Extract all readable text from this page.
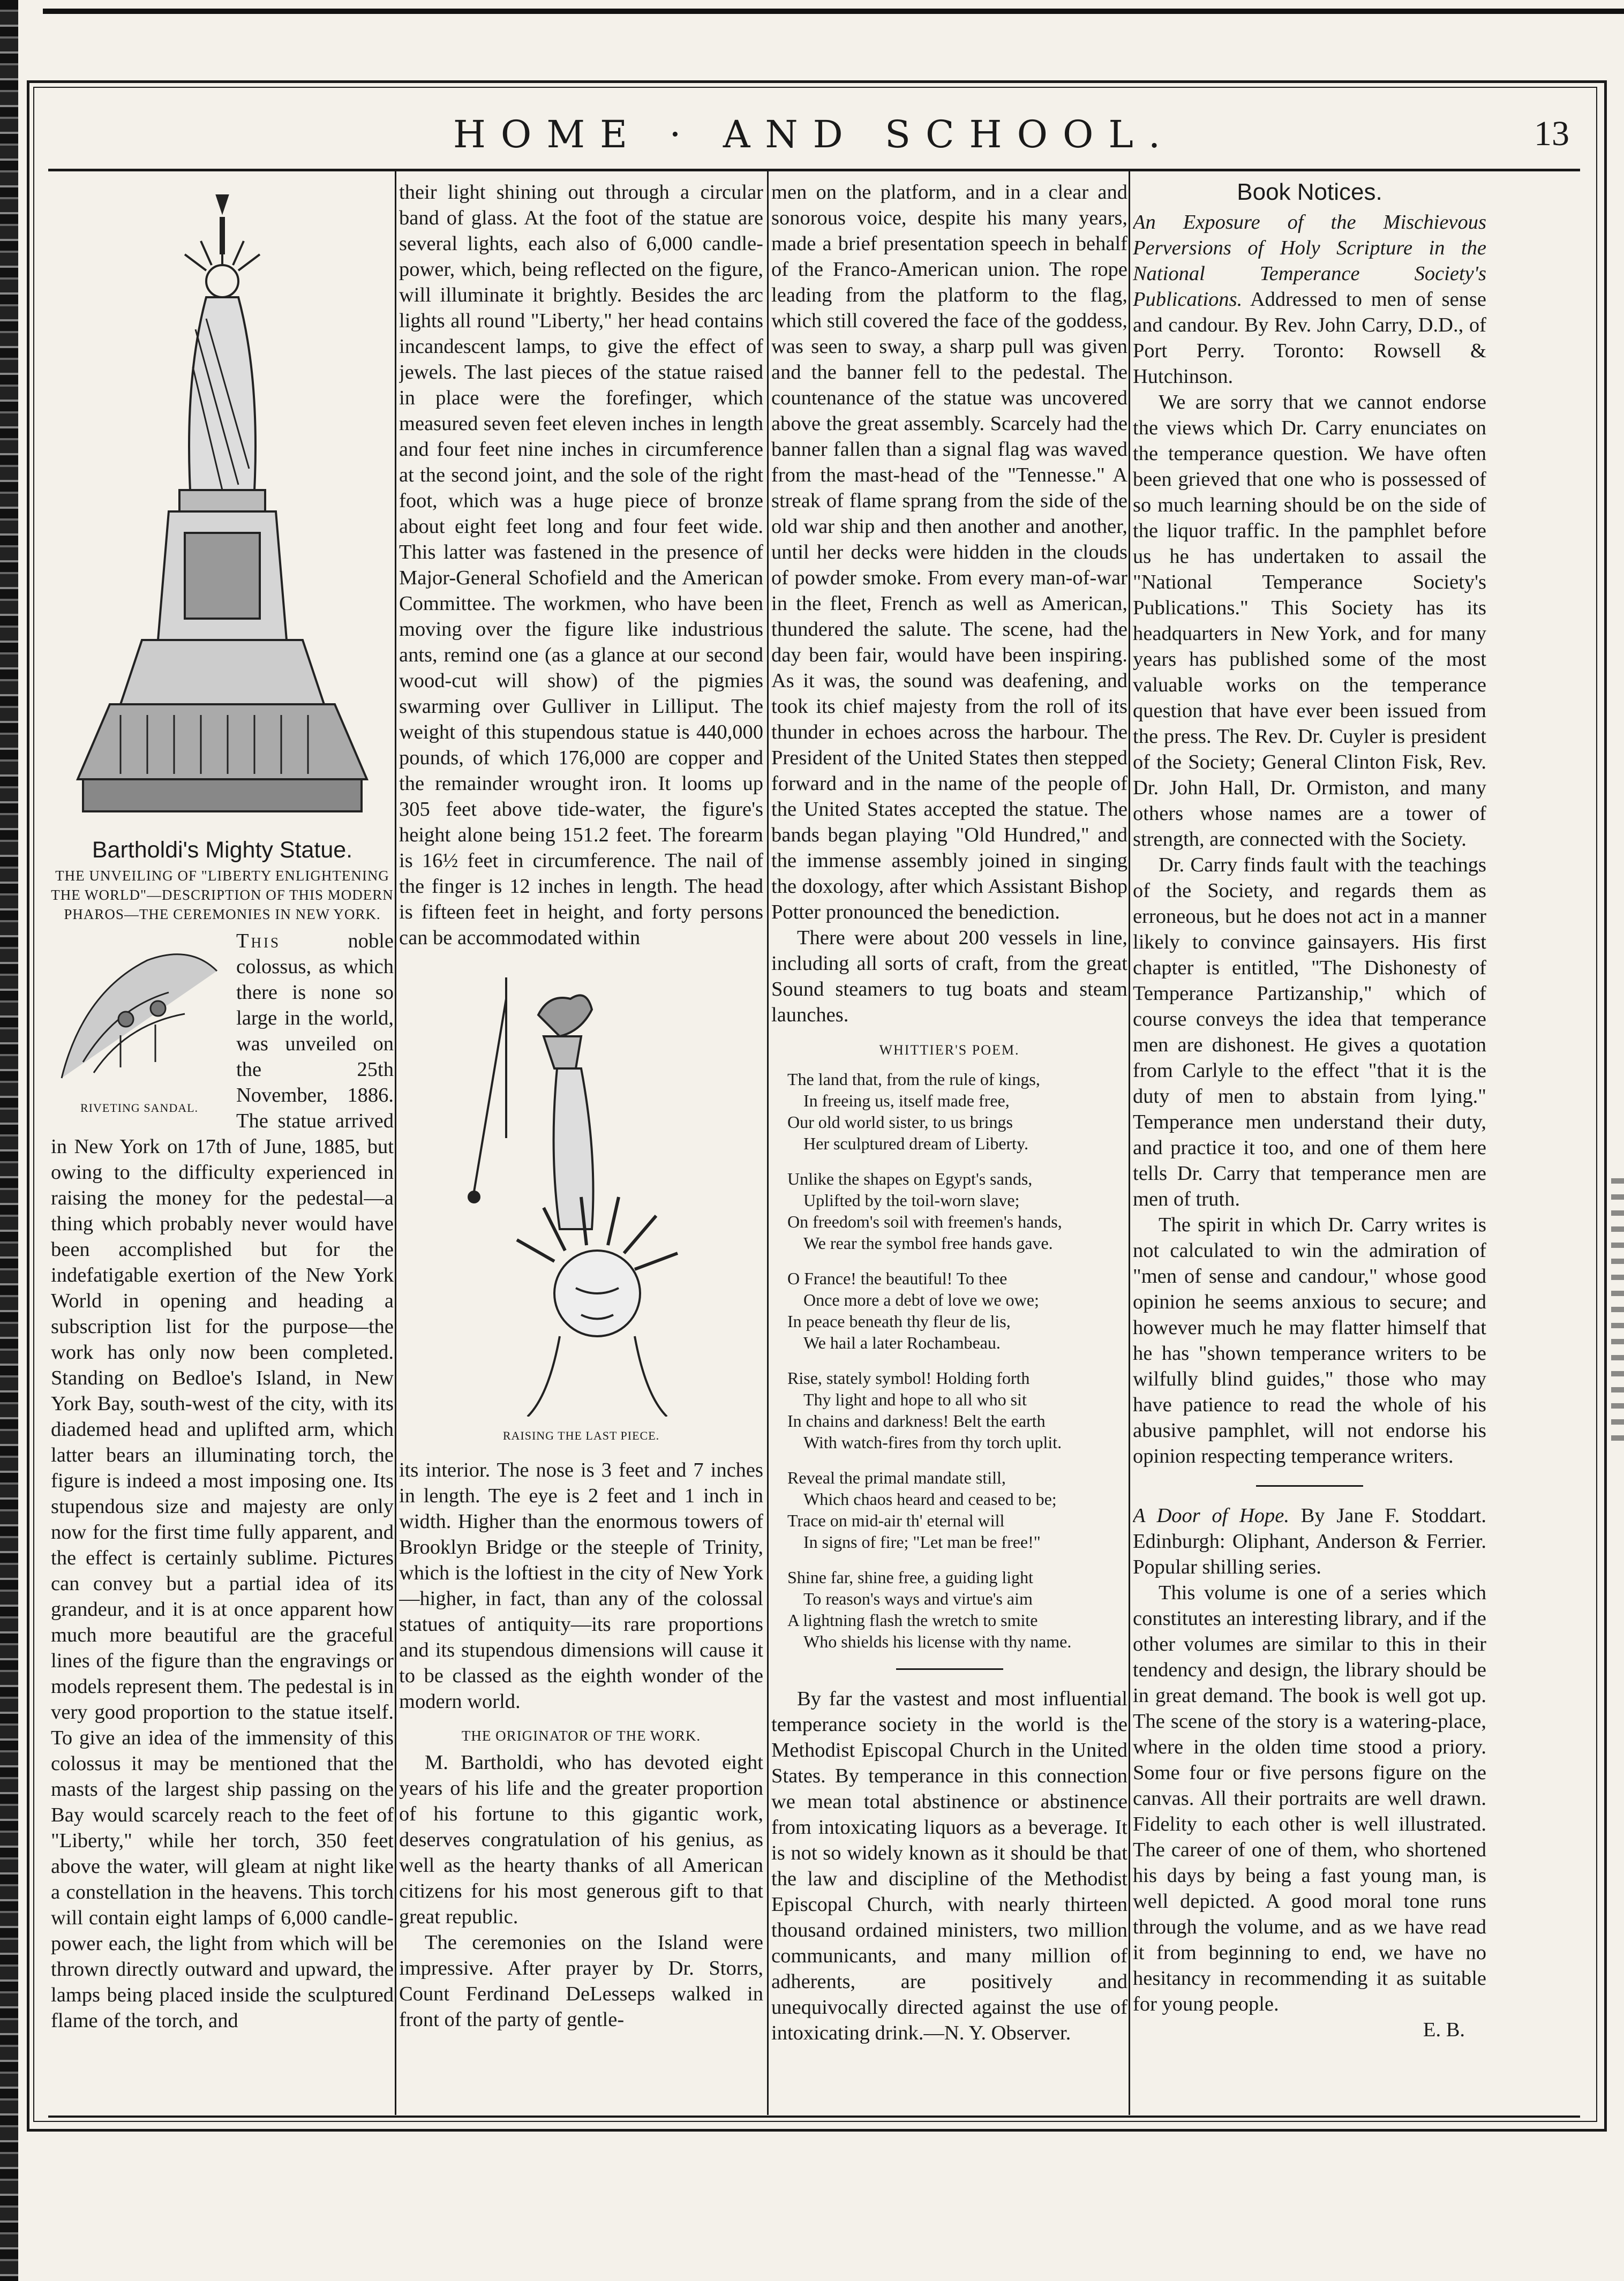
HOME · AND SCHOOL.	13
Bartholdi's Mighty Statue.
THE UNVEILING OF "LIBERTY ENLIGHTENING THE WORLD"—DESCRIPTION OF THIS MODERN PHAROS—THE CEREMONIES IN NEW YORK.
RIVETING SANDAL.

This	noble colossus, as which there is none so large in the world, was unveiled on the 25th November, 1886. The statue arrived in New York on 17th of June, 1885, but owing to the difficulty experienced in raising the money for the pedestal—a thing which probably never would have been accomplished but for the indefatigable exertion of the New York World in opening and heading a subscription list for the purpose—the work has only now been completed. Standing on Bedloe's Island, in New York Bay, south-west of the city, with its diademed head and uplifted arm, which latter bears an illuminating torch, the figure is indeed a most imposing one. Its stupendous size and majesty are only now for the first time fully apparent, and the effect is certainly sublime. Pictures can convey but a partial idea of its grandeur, and it is at once apparent how much more beautiful are the graceful lines of the figure than the engravings or models represent them. The pedestal is in very good proportion to the statue itself. To give an idea of the immensity of this colossus it may be mentioned that the masts of the largest ship passing on the Bay would scarcely reach to the feet of "Liberty," while her torch, 350 feet above the water, will gleam at night like a constellation in the heavens. This torch will contain eight lamps of 6,000 candle-power each, the light from which will be thrown directly outward and upward, the lamps being placed inside the sculptured flame of the torch, and

their light shining out through a circular band of glass. At the foot of the statue are several lights, each also of 6,000 candle-power, which, being reflected on the figure, will illuminate it brightly. Besides the arc lights all round "Liberty," her head contains incandescent lamps, to give the effect of jewels. The last pieces of the statue raised in place were the forefinger, which measured seven feet eleven inches in length and four feet nine inches in circumference at the second joint, and the sole of the right foot, which was a huge piece of bronze about eight feet long and four feet wide. This latter was fastened in the presence of Major-General Schofield and the American Committee. The workmen, who have been moving over the figure like industrious ants, remind one (as a glance at our second wood-cut will show) of the pigmies swarming over Gulliver in Lilliput. The weight of this stupendous statue is 440,000 pounds, of which 176,000 are copper and the remainder wrought iron. It looms up 305 feet above tide-water, the figure's height alone being 151.2 feet. The forearm is 16½ feet in circumference. The nail of the finger is 12 inches in length. The head is fifteen feet in height, and forty persons can be accommodated within

RAISING THE LAST PIECE.

its interior. The nose is 3 feet and 7 inches in length. The eye is 2 feet and 1 inch in width. Higher than the enormous towers of Brooklyn Bridge or the steeple of Trinity, which is the loftiest in the city of New York—higher, in fact, than any of the colossal statues of antiquity—its rare proportions and its stupendous dimensions will cause it to be classed as the eighth wonder of the modern world.

THE ORIGINATOR OF THE WORK.

M. Bartholdi, who has devoted eight years of his life and the greater proportion of his fortune to this gigantic work, deserves congratulation of his genius, as well as the hearty thanks of all American citizens for his most generous gift to that great republic.

The ceremonies on the Island were impressive. After prayer by Dr. Storrs, Count Ferdinand DeLesseps walked in front of the party of gentle-

men on the platform, and in a clear and sonorous voice, despite his many years, made a brief presentation speech in behalf of the Franco-American union. The rope leading from the platform to the flag, which still covered the face of the goddess, was seen to sway, a sharp pull was given and the banner fell to the pedestal. The countenance of the statue was uncovered above the great assembly. Scarcely had the banner fallen than a signal flag was waved from the mast-head of the "Tennesse." A streak of flame sprang from the side of the old war ship and then another and another, until her decks were hidden in the clouds of powder smoke. From every man-of-war in the fleet, French as well as American, thundered the salute. The scene, had the day been fair, would have been inspiring. As it was, the sound was deafening, and took its chief majesty from the roll of its thunder in echoes across the harbour. The President of the United States then stepped forward and in the name of the people of the United States accepted the statue. The bands began playing "Old Hundred," and the immense assembly joined in singing the doxology, after which Assistant Bishop Potter pronounced the benediction.

There were about 200 vessels in line, including all sorts of craft, from the great Sound steamers to tug boats and steam launches.

WHITTIER'S POEM.
The land that, from the rule of kings,
In freeing us, itself made free,
Our old world sister, to us brings
Her sculptured dream of Liberty.
Unlike the shapes on Egypt's sands,
Uplifted by the toil-worn slave;
On freedom's soil with freemen's hands,
We rear the symbol free hands gave.
O France! the beautiful! To thee
Once more a debt of love we owe;
In peace beneath thy fleur de lis,
We hail a later Rochambeau.
Rise, stately symbol! Holding forth
Thy light and hope to all who sit
In chains and darkness! Belt the earth
With watch-fires from thy torch uplit.
Reveal the primal mandate still,
Which chaos heard and ceased to be;
Trace on mid-air th' eternal will
In signs of fire; "Let man be free!"
Shine far, shine free, a guiding light
To reason's ways and virtue's aim
A lightning flash the wretch to smite
Who shields his license with thy name.

By far the vastest and most influential temperance society in the world is the Methodist Episcopal Church in the United States. By temperance in this connection we mean total abstinence or abstinence from intoxicating liquors as a beverage. It is not so widely known as it should be that the law and discipline of the Methodist Episcopal Church, with nearly thirteen thousand ordained ministers, two million communicants, and many million of adherents, are positively and unequivocally directed against the use of intoxicating drink.—N. Y. Observer.

Book Notices.

An Exposure of the Mischievous Perversions of Holy Scripture in the National Temperance Society's Publications. Addressed to men of sense and candour. By Rev. John Carry, D.D., of Port Perry. Toronto: Rowsell & Hutchinson.

We are sorry that we cannot endorse the views which Dr. Carry enunciates on the temperance question. We have often been grieved that one who is possessed of so much learning should be on the side of the liquor traffic. In the pamphlet before us he has undertaken to assail the "National Temperance Society's Publications." This Society has its headquarters in New York, and for many years has published some of the most valuable works on the temperance question that have ever been issued from the press. The Rev. Dr. Cuyler is president of the Society; General Clinton Fisk, Rev. Dr. John Hall, Dr. Ormiston, and many others whose names are a tower of strength, are connected with the Society.

Dr. Carry finds fault with the teachings of the Society, and regards them as erroneous, but he does not act in a manner likely to convince gainsayers. His first chapter is entitled, "The Dishonesty of Temperance Partizanship," which of course conveys the idea that temperance men are dishonest. He gives a quotation from Carlyle to the effect "that it is the duty of men to abstain from lying." Temperance men understand their duty, and practice it too, and one of them here tells Dr. Carry that temperance men are men of truth.

The spirit in which Dr. Carry writes is not calculated to win the admiration of "men of sense and candour," whose good opinion he seems anxious to secure; and however much he may flatter himself that he has "shown temperance writers to be wilfully blind guides," those who may have patience to read the whole of his abusive pamphlet, will not endorse his opinion respecting temperance writers.

A Door of Hope. By Jane F. Stoddart. Edinburgh: Oliphant, Anderson & Ferrier. Popular shilling series.

This volume is one of a series which constitutes an interesting library, and if the other volumes are similar to this in their tendency and design, the library should be in great demand. The book is well got up. The scene of the story is a watering-place, where in the olden time stood a priory. Some four or five persons figure on the canvas. All their portraits are well drawn. Fidelity to each other is well illustrated. The career of one of them, who shortened his days by being a fast young man, is well depicted. A good moral tone runs through the volume, and as we have read it from beginning to end, we have no hesitancy in recommending it as suitable for young people.

E. B.
